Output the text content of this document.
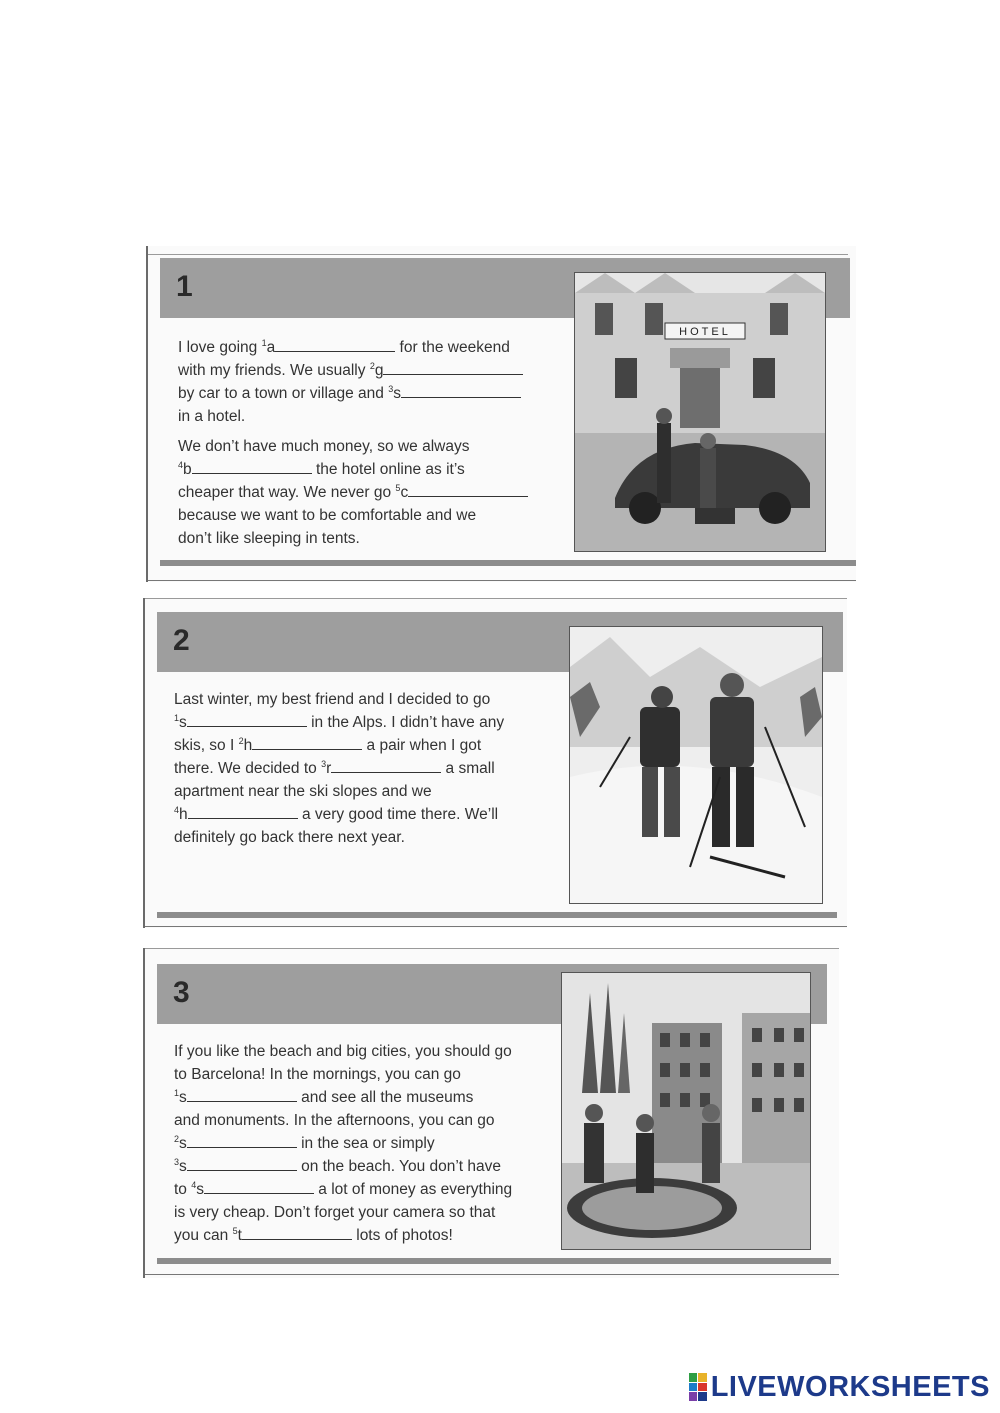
1

I love going $^1$a	for the weekend
with my friends. We usually $^2$g
by car to a town or village and $^3$s
in a hotel.

We don’t have much money, so we always
$^4$b	the hotel online as it’s
cheaper that way. We never go $^5$c
because we want to be comfortable and we
don’t like sleeping in tents.

HOTEL
2

Last winter, my best friend and I decided to go
$^1$s	in the Alps. I didn’t have any
skis, so I $^2$h	a pair when I got
there. We decided to $^3$r	a small
apartment near the ski slopes and we
$^4$h	a very good time there. We’ll
definitely go back there next year.

3

If you like the beach and big cities, you should go
to Barcelona! In the mornings, you can go
$^1$s	and see all the museums
and monuments. In the afternoons, you can go
$^2$s	in the sea or simply
$^3$s	on the beach. You don’t have
to $^4$s	a lot of money as everything
is very cheap. Don’t forget your camera so that
you can $^5$t	lots of photos!

LIVEWORKSHEETS
